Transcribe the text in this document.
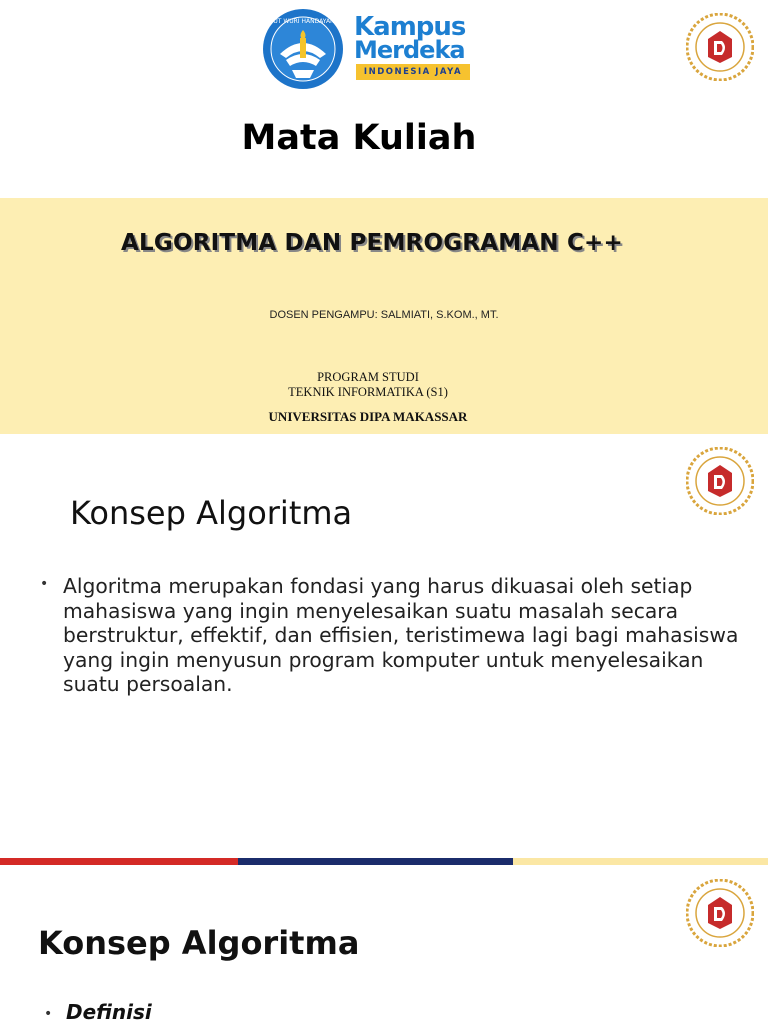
TUT WURI HANDAYANI Kampus
Merdeka
INDONESIA JAYA
Mata Kuliah
ALGORITMA DAN PEMROGRAMAN C++
DOSEN PENGAMPU: SALMIATI, S.KOM., MT.
PROGRAM STUDI
TEKNIK INFORMATIKA (S1)
UNIVERSITAS DIPA MAKASSAR
Konsep Algoritma
• Algoritma merupakan fondasi yang harus dikuasai oleh setiap mahasiswa yang ingin menyelesaikan suatu masalah secara berstruktur, effektif, dan effisien, teristimewa lagi bagi mahasiswa yang ingin menyusun program komputer untuk menyelesaikan suatu persoalan.
Konsep Algoritma
• Definisi
